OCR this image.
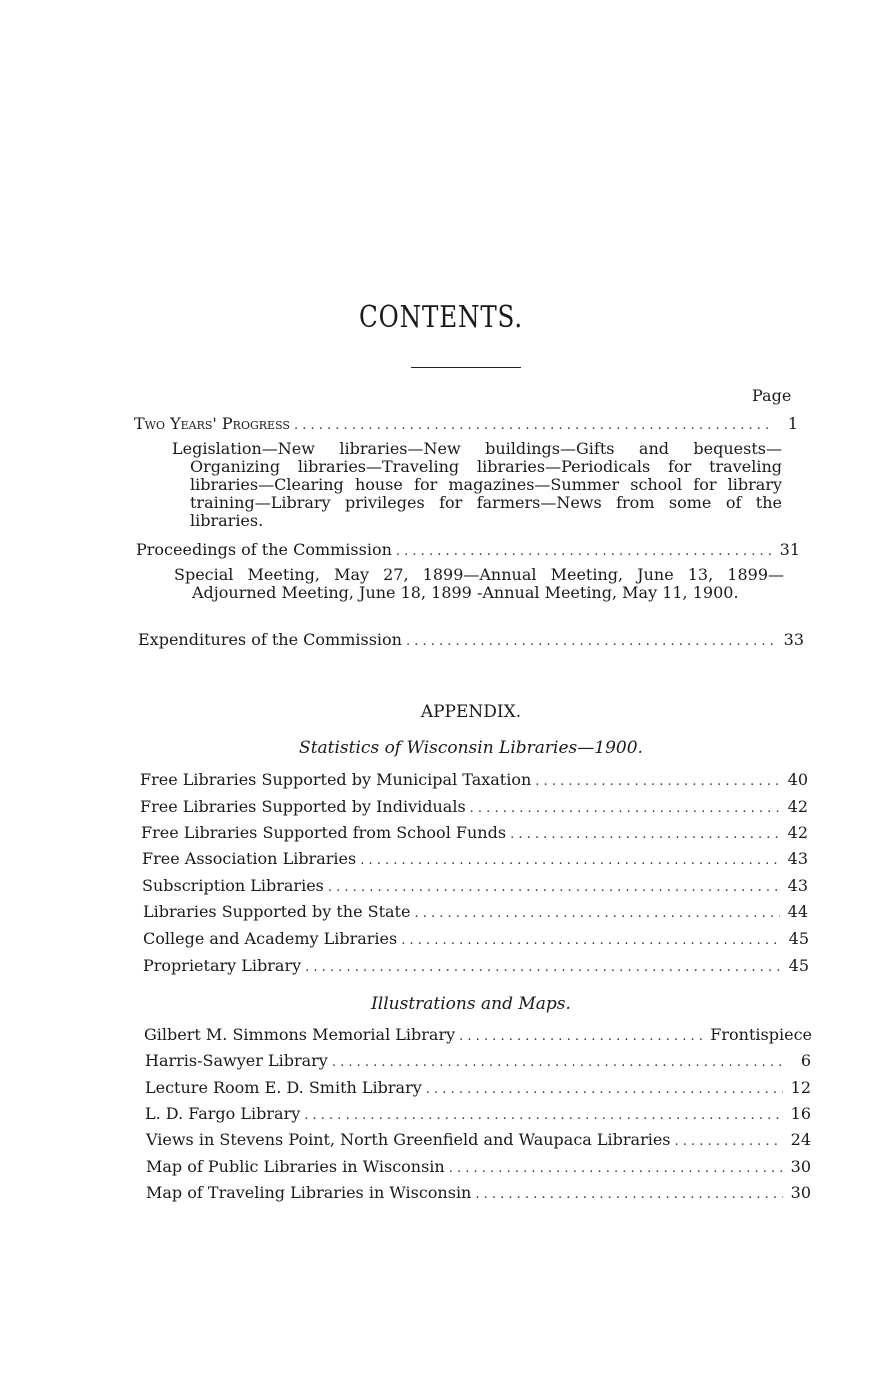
CONTENTS.
Page
Two Years' Progress . . .	1
Legislation—New libraries—New buildings—Gifts and bequests—Organizing libraries—Traveling libraries—Periodicals for traveling libraries—Clearing house for magazines—Summer school for library training—Library privileges for farmers—News from some of the libraries.
Proceedings of the Commission . . .	31
Special Meeting, May 27, 1899—Annual Meeting, June 13, 1899—Adjourned Meeting, June 18, 1899 -Annual Meeting, May 11, 1900.
Expenditures of the Commission . . .	33
APPENDIX.
Statistics of Wisconsin Libraries—1900.
Free Libraries Supported by Municipal Taxation . . .	40
Free Libraries Supported by Individuals . . .	42
Free Libraries Supported from School Funds . . .	42
Free Association Libraries . . .	43
Subscription Libraries . . .	43
Libraries Supported by the State . . .	44
College and Academy Libraries . . .	45
Proprietary Library . . .	45
Illustrations and Maps.
Gilbert M. Simmons Memorial Library . . .	Frontispiece
Harris-Sawyer Library . . .	6
Lecture Room E. D. Smith Library . . .	12
L. D. Fargo Library . . .	16
Views in Stevens Point, North Greenfield and Waupaca Libraries . . .	24
Map of Public Libraries in Wisconsin . . .	30
Map of Traveling Libraries in Wisconsin . . .	30
